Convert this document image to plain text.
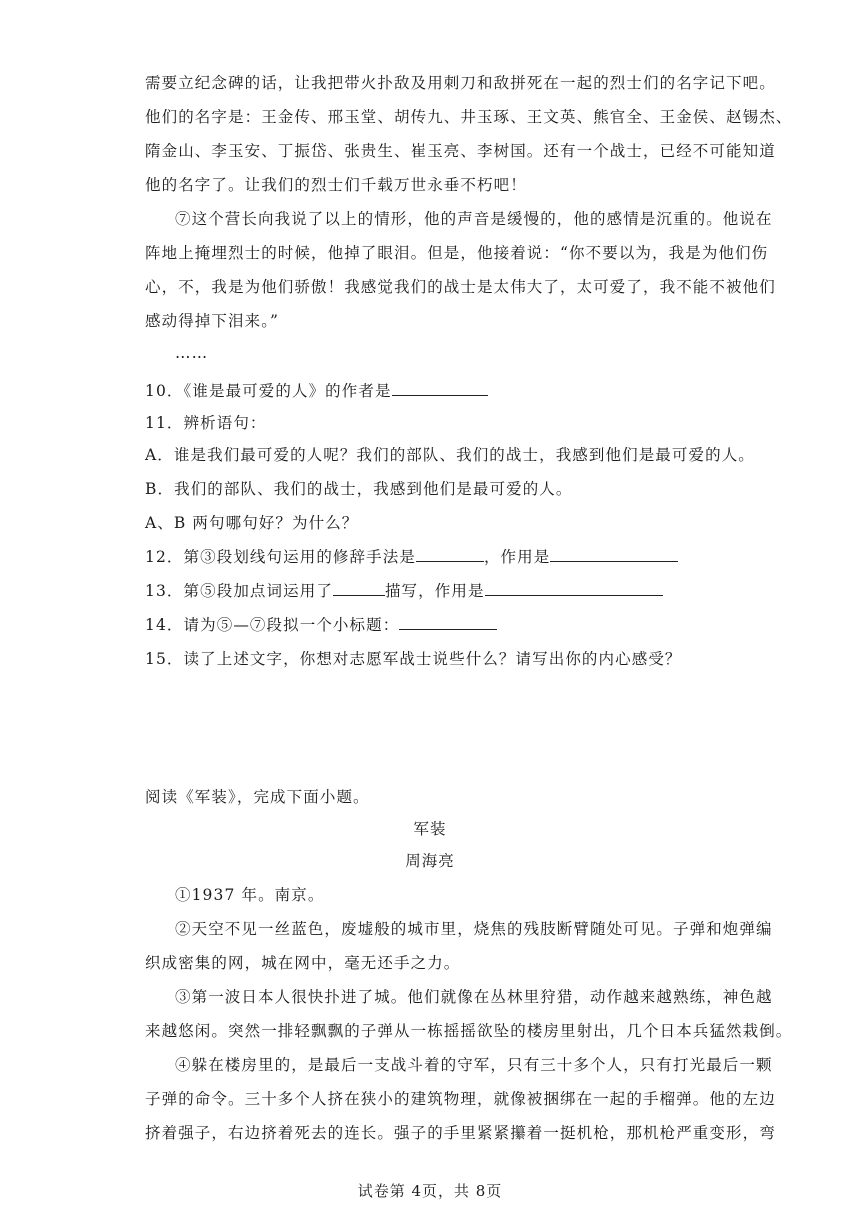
需要立纪念碑的话，让我把带火扑敌及用刺刀和敌拼死在一起的烈士们的名字记下吧。
他们的名字是：王金传、邢玉堂、胡传九、井玉琢、王文英、熊官全、王金侯、赵锡杰、
隋金山、李玉安、丁振岱、张贵生、崔玉亮、李树国。还有一个战士，已经不可能知道
他的名字了。让我们的烈士们千载万世永垂不朽吧！
⑦这个营长向我说了以上的情形，他的声音是缓慢的，他的感情是沉重的。他说在
阵地上掩埋烈士的时候，他掉了眼泪。但是，他接着说：“你不要以为，我是为他们伤
心，不，我是为他们骄傲！我感觉我们的战士是太伟大了，太可爱了，我不能不被他们
感动得掉下泪来。”
……
10．《谁是最可爱的人》的作者是
11．辨析语句：
A．谁是我们最可爱的人呢？我们的部队、我们的战士，我感到他们是最可爱的人。
B．我们的部队、我们的战士，我感到他们是最可爱的人。
A、B 两句哪句好？为什么？
12．第③段划线句运用的修辞手法是	，作用是
13．第⑤段加点词运用了	描写，作用是
14．请为⑤—⑦段拟一个小标题：
15．读了上述文字，你想对志愿军战士说些什么？请写出你的内心感受？
阅读《军装》，完成下面小题。
军装
周海亮
①1937 年。南京。
②天空不见一丝蓝色，废墟般的城市里，烧焦的残肢断臂随处可见。子弹和炮弹编
织成密集的网，城在网中，毫无还手之力。
③第一波日本人很快扑进了城。他们就像在丛林里狩猎，动作越来越熟练，神色越
来越悠闲。突然一排轻飘飘的子弹从一栋摇摇欲坠的楼房里射出，几个日本兵猛然栽倒。
④躲在楼房里的，是最后一支战斗着的守军，只有三十多个人，只有打光最后一颗
子弹的命令。三十多个人挤在狭小的建筑物理，就像被捆绑在一起的手榴弹。他的左边
挤着强子，右边挤着死去的连长。强子的手里紧紧攥着一挺机枪，那机枪严重变形，弯
试卷第 4页，共 8页
